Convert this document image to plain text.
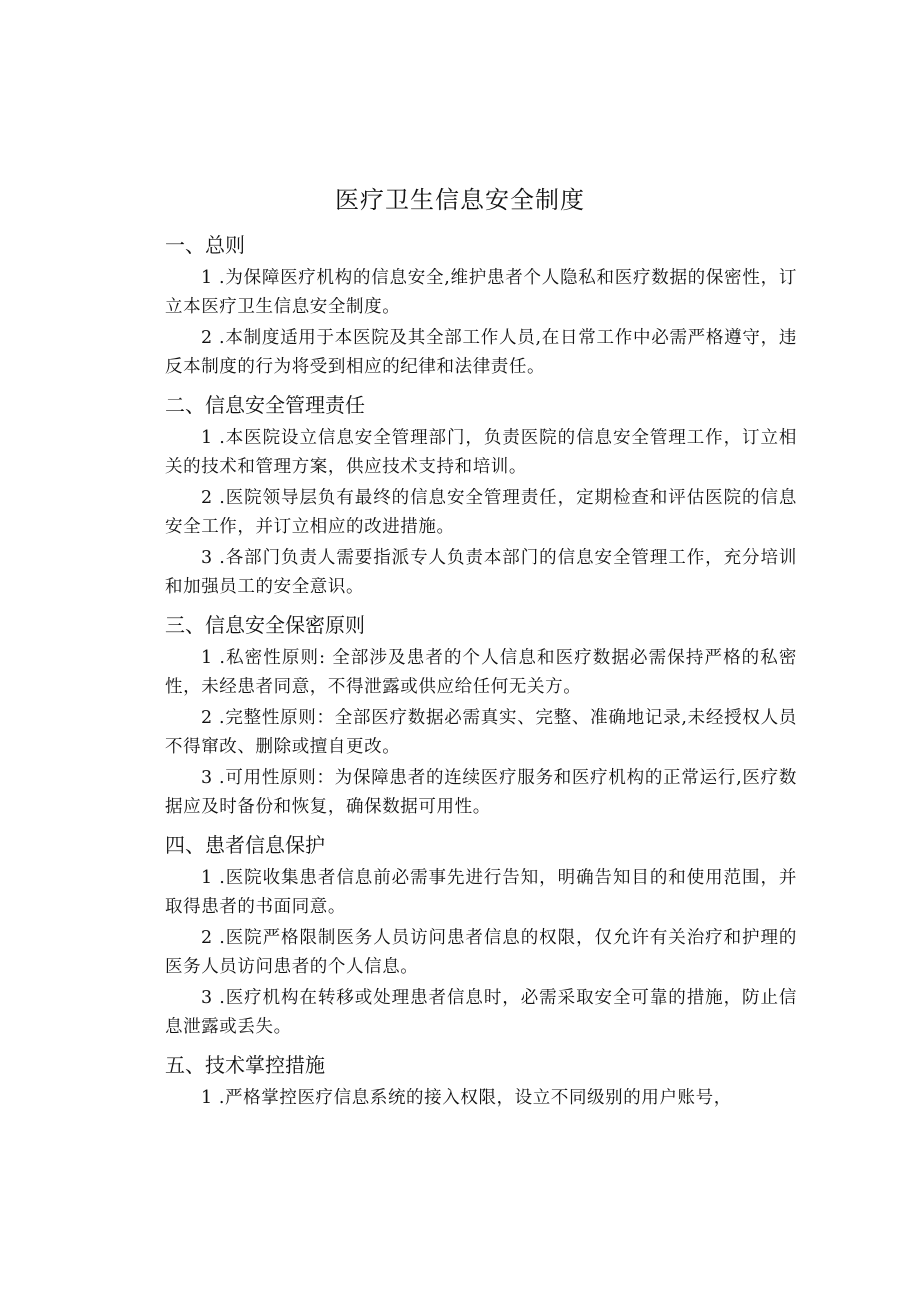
医疗卫生信息安全制度
一、总则

1 .为保障医疗机构的信息安全,维护患者个人隐私和医疗数据的保密性，订立本医疗卫生信息安全制度。

2 .本制度适用于本医院及其全部工作人员,在日常工作中必需严格遵守，违反本制度的行为将受到相应的纪律和法律责任。

二、信息安全管理责任

1 .本医院设立信息安全管理部门，负责医院的信息安全管理工作，订立相关的技术和管理方案，供应技术支持和培训。

2 .医院领导层负有最终的信息安全管理责任，定期检查和评估医院的信息安全工作，并订立相应的改进措施。

3 .各部门负责人需要指派专人负责本部门的信息安全管理工作，充分培训和加强员工的安全意识。

三、信息安全保密原则

1 .私密性原则: 全部涉及患者的个人信息和医疗数据必需保持严格的私密性，未经患者同意，不得泄露或供应给任何无关方。

2 .完整性原则：全部医疗数据必需真实、完整、准确地记录,未经授权人员不得窜改、删除或擅自更改。

3 .可用性原则：为保障患者的连续医疗服务和医疗机构的正常运行,医疗数据应及时备份和恢复，确保数据可用性。

四、患者信息保护

1 .医院收集患者信息前必需事先进行告知，明确告知目的和使用范围，并取得患者的书面同意。

2 .医院严格限制医务人员访问患者信息的权限，仅允许有关治疗和护理的医务人员访问患者的个人信息。

3 .医疗机构在转移或处理患者信息时，必需采取安全可靠的措施，防止信息泄露或丢失。

五、技术掌控措施

1 .严格掌控医疗信息系统的接入权限，设立不同级别的用户账号，
